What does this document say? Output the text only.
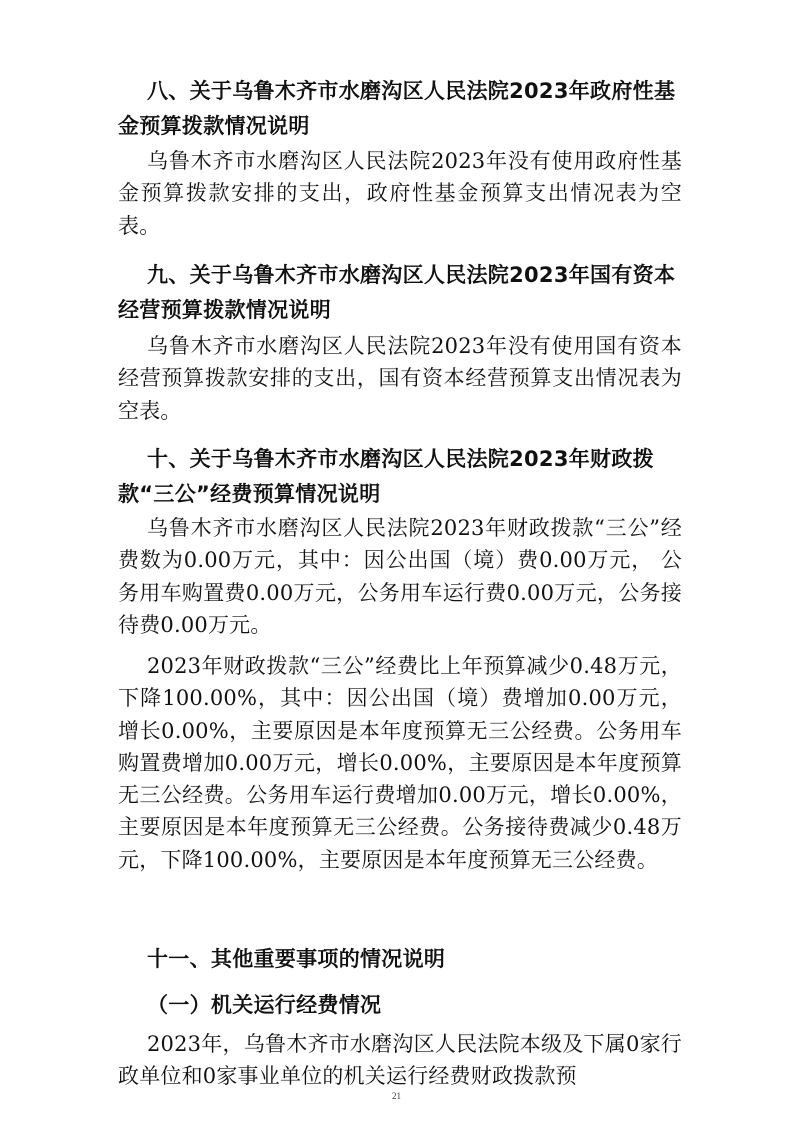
八、关于乌鲁木齐市水磨沟区人民法院2023年政府性基金预算拨款情况说明

乌鲁木齐市水磨沟区人民法院2023年没有使用政府性基金预算拨款安排的支出，政府性基金预算支出情况表为空表。

九、关于乌鲁木齐市水磨沟区人民法院2023年国有资本经营预算拨款情况说明

乌鲁木齐市水磨沟区人民法院2023年没有使用国有资本经营预算拨款安排的支出，国有资本经营预算支出情况表为空表。

十、关于乌鲁木齐市水磨沟区人民法院2023年财政拨款“三公”经费预算情况说明

乌鲁木齐市水磨沟区人民法院2023年财政拨款“三公”经费数为0.00万元，其中：因公出国（境）费0.00万元， 公务用车购置费0.00万元，公务用车运行费0.00万元，公务接待费0.00万元。

2023年财政拨款“三公”经费比上年预算减少0.48万元，下降100.00%，其中：因公出国（境）费增加0.00万元，增长0.00%，主要原因是本年度预算无三公经费。公务用车购置费增加0.00万元，增长0.00%，主要原因是本年度预算无三公经费。公务用车运行费增加0.00万元，增长0.00%，主要原因是本年度预算无三公经费。公务接待费减少0.48万元，下降100.00%，主要原因是本年度预算无三公经费。

十一、其他重要事项的情况说明
（一）机关运行经费情况

2023年，乌鲁木齐市水磨沟区人民法院本级及下属0家行政单位和0家事业单位的机关运行经费财政拨款预

21
